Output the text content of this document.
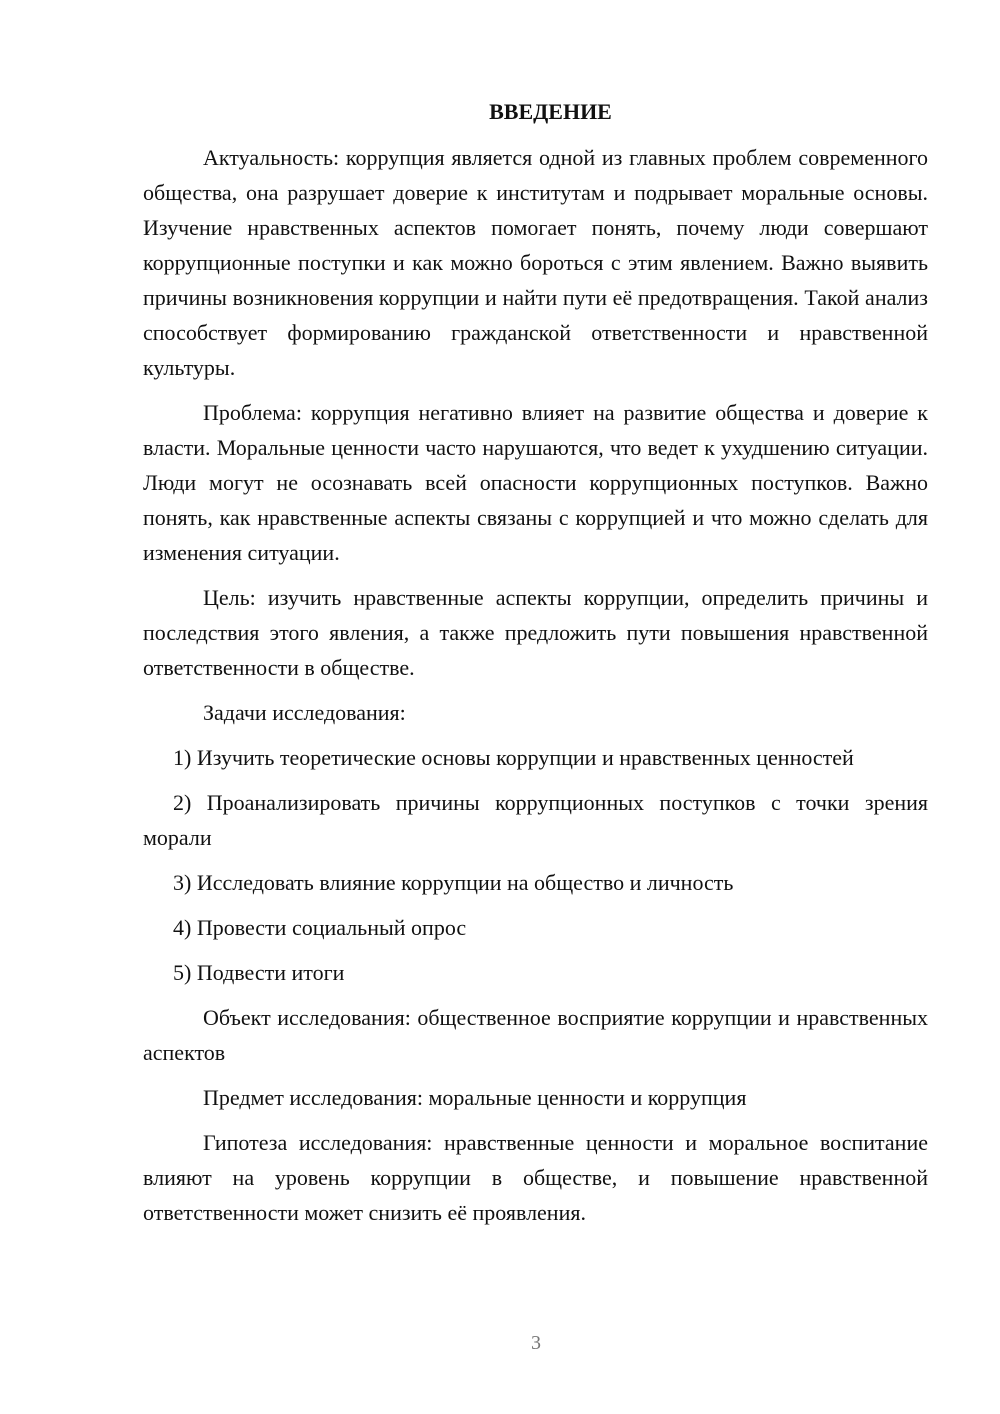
ВВЕДЕНИЕ

Актуальность: коррупция является одной из главных проблем современного общества, она разрушает доверие к институтам и подрывает моральные основы. Изучение нравственных аспектов помогает понять, почему люди совершают коррупционные поступки и как можно бороться с этим явлением. Важно выявить причины возникновения коррупции и найти пути её предотвращения. Такой анализ способствует формированию гражданской ответственности и нравственной культуры.

Проблема: коррупция негативно влияет на развитие общества и доверие к власти. Моральные ценности часто нарушаются, что ведет к ухудшению ситуации. Люди могут не осознавать всей опасности коррупционных поступков. Важно понять, как нравственные аспекты связаны с коррупцией и что можно сделать для изменения ситуации.

Цель: изучить нравственные аспекты коррупции, определить причины и последствия этого явления, а также предложить пути повышения нравственной ответственности в обществе.

Задачи исследования:

1) Изучить теоретические основы коррупции и нравственных ценностей

2) Проанализировать причины коррупционных поступков с точки зрения морали

3) Исследовать влияние коррупции на общество и личность

4) Провести социальный опрос

5) Подвести итоги

Объект исследования: общественное восприятие коррупции и нравственных аспектов

Предмет исследования: моральные ценности и коррупция

Гипотеза исследования: нравственные ценности и моральное воспитание влияют на уровень коррупции в обществе, и повышение нравственной ответственности может снизить её проявления.

3
